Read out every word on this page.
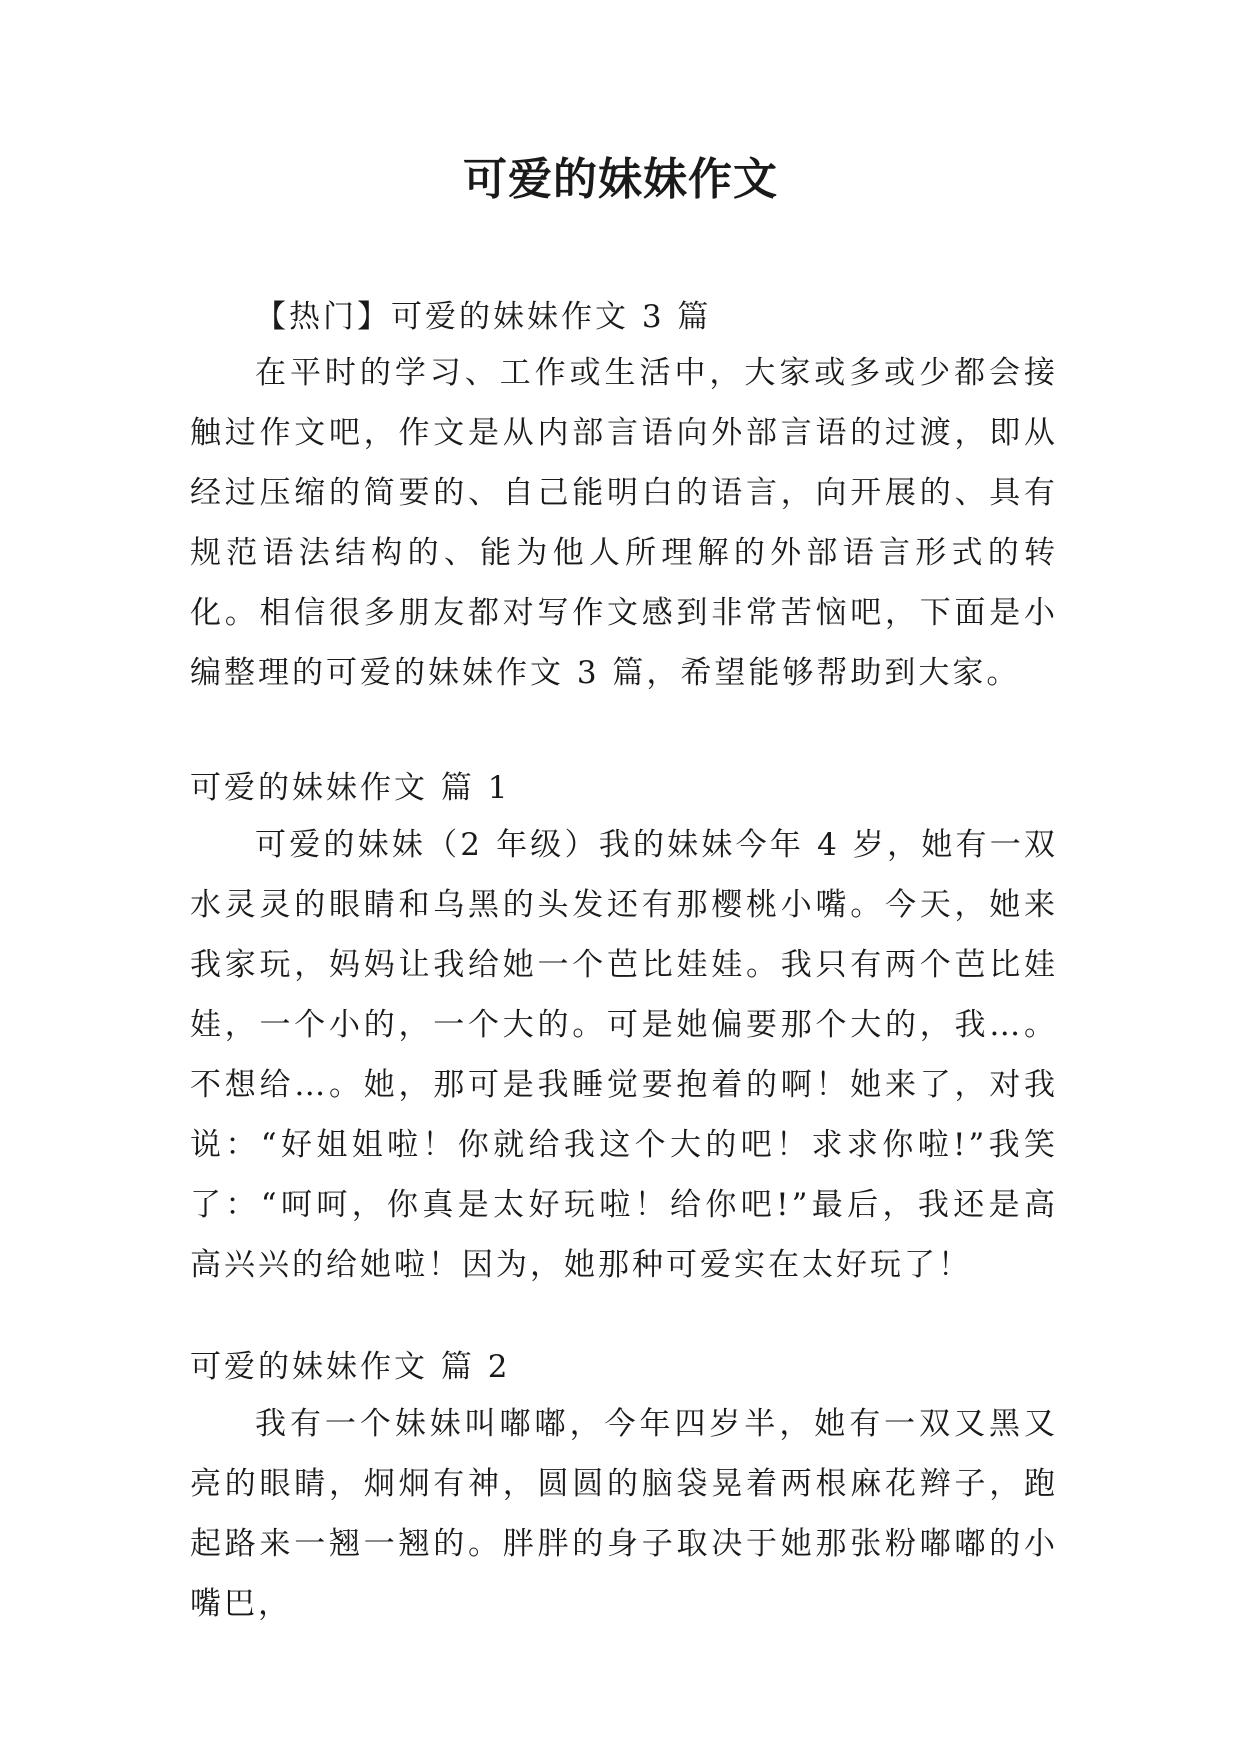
可爱的妹妹作文

【热门】可爱的妹妹作文 3 篇

在平时的学习、工作或生活中，大家或多或少都会接触过作文吧，作文是从内部言语向外部言语的过渡，即从经过压缩的简要的、自己能明白的语言，向开展的、具有规范语法结构的、能为他人所理解的外部语言形式的转化。相信很多朋友都对写作文感到非常苦恼吧，下面是小编整理的可爱的妹妹作文 3 篇，希望能够帮助到大家。

可爱的妹妹作文 篇 1

可爱的妹妹（2 年级）我的妹妹今年 4 岁，她有一双水灵灵的眼睛和乌黑的头发还有那樱桃小嘴。今天，她来我家玩，妈妈让我给她一个芭比娃娃。我只有两个芭比娃娃，一个小的，一个大的。可是她偏要那个大的，我…。不想给…。她，那可是我睡觉要抱着的啊！她来了，对我说：“好姐姐啦！你就给我这个大的吧！求求你啦!”我笑了：“呵呵，你真是太好玩啦！给你吧!”最后，我还是高高兴兴的给她啦！因为，她那种可爱实在太好玩了！

可爱的妹妹作文 篇 2

我有一个妹妹叫嘟嘟，今年四岁半，她有一双又黑又亮的眼睛，炯炯有神，圆圆的脑袋晃着两根麻花辫子，跑起路来一翘一翘的。胖胖的身子取决于她那张粉嘟嘟的小嘴巴，
